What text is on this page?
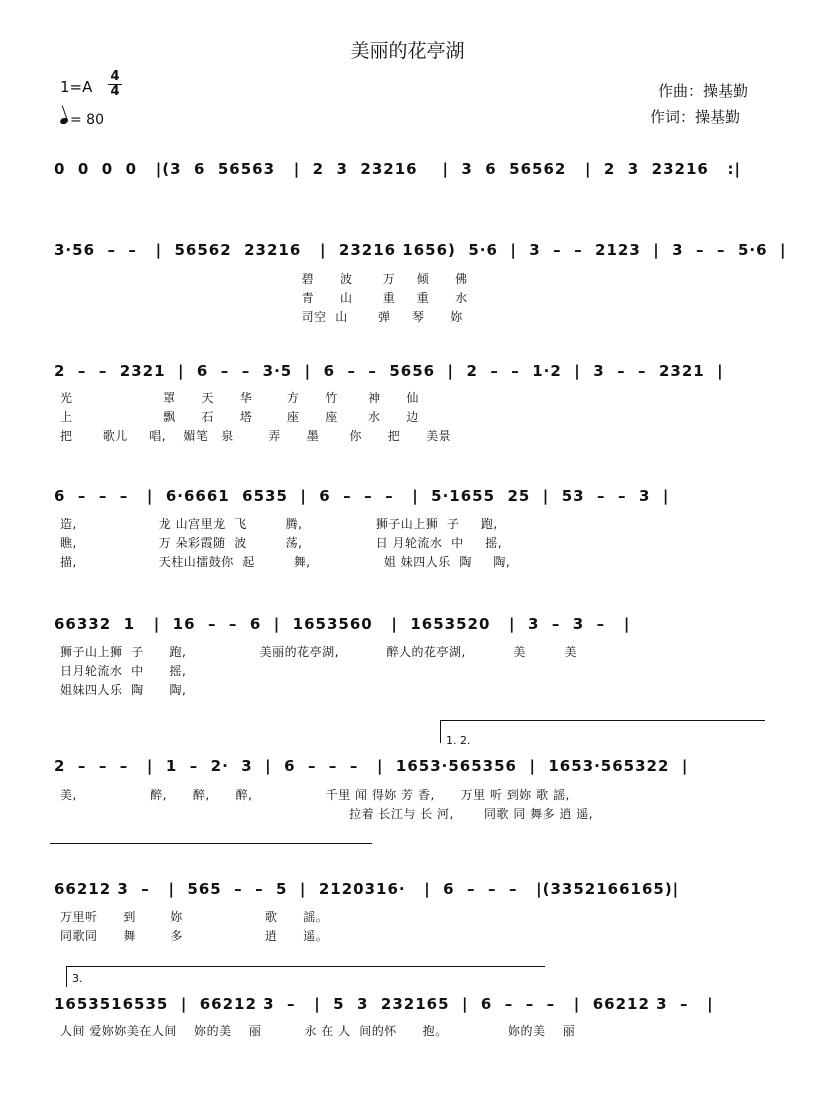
美丽的花亭湖
1=A
4
4
= 80
作曲：操基勤
作词：操基勤
0  0  0  0   |(3  6  56563   |  2  3  23216    |  3  6  56562   |  2  3  23216   :|
3·56  –  –   |  56562  23216   |  23216 1656)  5·6  |  3  –  –  2123  |  3  –  –  5·6  |
碧      波       万     倾      佛
青      山       重     重      水
司空  山       弹     琴      妳
2  –  –  2321  |  6  –  –  3·5  |  6  –  –  5656  |  2  –  –  1·2  |  3  –  –  2321  |
光                     罩      天      华        方      竹       神      仙
上                     飘      石      塔        座      座       水      边
把       歌儿     唱,    媚笔   泉        弄      墨       你      把      美景
6  –  –  –   |  6·6661  6535  |  6  –  –  –   |  5·1655  25  |  53  –  –  3  |
造,                   龙 山宫里龙  飞         腾,                 狮子山上狮  子     跑,
瞧,                   万 朵彩霞随  波         荡,                 日 月轮流水  中     摇,
描,                   天柱山擂鼓你  起         舞,                 姐 妹四人乐  陶     陶,
66332  1   |  16  –  –  6  |  1653560   |  1653520   |  3  –  3  –   |
狮子山上狮  子      跑,                 美丽的花亭湖,           醉人的花亭湖,           美         美
日月轮流水  中      摇,
姐妹四人乐  陶      陶,
1. 2.
2  –  –  –   |  1  –  2·  3  |  6  –  –  –   |  1653·565356  |  1653·565322  |
美,                 醉,      醉,      醉,                 千里 闻 得妳 芳 香,      万里 听 到妳 歌 謡,
拉着 长江与 长 河,       同歌 同 舞多 逍 遥,
66212 3  –   |  565  –  –  5  |  2120316·   |  6  –  –  –   |(3352166165)|
万里听      到        妳                   歌      謡。
同歌同      舞        多                   逍      遥。
3.
1653516535  |  66212 3  –   |  5  3  232165  |  6  –  –  –   |  66212 3  –   |
人间 爱妳妳美在人间    妳的美    丽          永 在 人  间的怀      抱。              妳的美    丽
